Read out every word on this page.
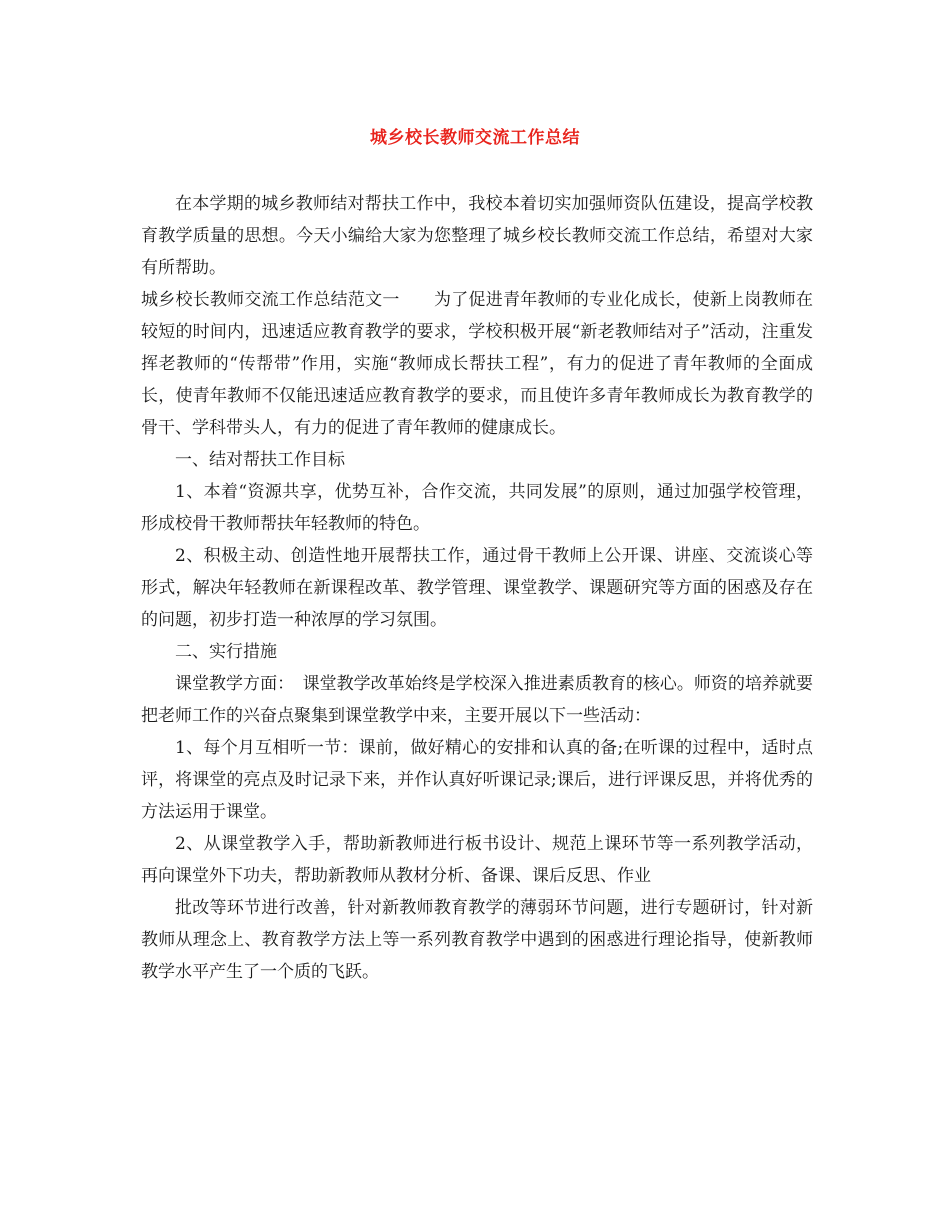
城乡校长教师交流工作总结

在本学期的城乡教师结对帮扶工作中，我校本着切实加强师资队伍建设，提高学校教育教学质量的思想。今天小编给大家为您整理了城乡校长教师交流工作总结，希望对大家有所帮助。

城乡校长教师交流工作总结范文一　　为了促进青年教师的专业化成长，使新上岗教师在较短的时间内，迅速适应教育教学的要求，学校积极开展“新老教师结对子”活动，注重发挥老教师的“传帮带”作用，实施“教师成长帮扶工程”，有力的促进了青年教师的全面成长，使青年教师不仅能迅速适应教育教学的要求，而且使许多青年教师成长为教育教学的骨干、学科带头人，有力的促进了青年教师的健康成长。

一、结对帮扶工作目标

1、本着“资源共享，优势互补，合作交流，共同发展”的原则，通过加强学校管理，形成校骨干教师帮扶年轻教师的特色。

2、积极主动、创造性地开展帮扶工作，通过骨干教师上公开课、讲座、交流谈心等形式，解决年轻教师在新课程改革、教学管理、课堂教学、课题研究等方面的困惑及存在的问题，初步打造一种浓厚的学习氛围。

二、实行措施

课堂教学方面：　课堂教学改革始终是学校深入推进素质教育的核心。师资的培养就要把老师工作的兴奋点聚集到课堂教学中来，主要开展以下一些活动：

1、每个月互相听一节：课前，做好精心的安排和认真的备;在听课的过程中，适时点评，将课堂的亮点及时记录下来，并作认真好听课记录;课后，进行评课反思，并将优秀的方法运用于课堂。

2、从课堂教学入手，帮助新教师进行板书设计、规范上课环节等一系列教学活动，再向课堂外下功夫，帮助新教师从教材分析、备课、课后反思、作业

批改等环节进行改善，针对新教师教育教学的薄弱环节问题，进行专题研讨，针对新教师从理念上、教育教学方法上等一系列教育教学中遇到的困惑进行理论指导，使新教师教学水平产生了一个质的飞跃。
